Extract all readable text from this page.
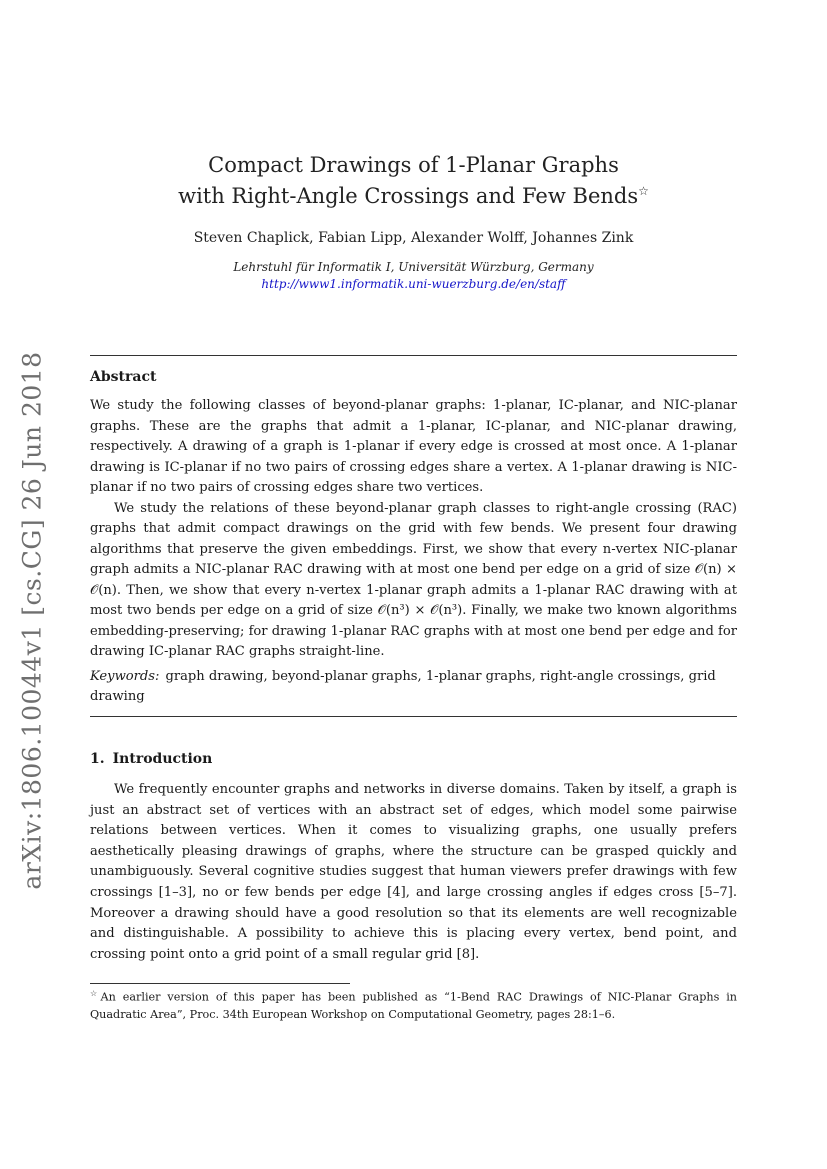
arXiv:1806.10044v1 [cs.CG] 26 Jun 2018
Compact Drawings of 1-Planar Graphs
with Right-Angle Crossings and Few Bends☆
Steven Chaplick, Fabian Lipp, Alexander Wolff, Johannes Zink
Lehrstuhl für Informatik I, Universität Würzburg, Germany
http://www1.informatik.uni-wuerzburg.de/en/staff
Abstract

We study the following classes of beyond-planar graphs: 1-planar, IC-planar, and NIC-planar graphs. These are the graphs that admit a 1-planar, IC-planar, and NIC-planar drawing, respectively. A drawing of a graph is 1-planar if every edge is crossed at most once. A 1-planar drawing is IC-planar if no two pairs of crossing edges share a vertex. A 1-planar drawing is NIC-planar if no two pairs of crossing edges share two vertices.

We study the relations of these beyond-planar graph classes to right-angle crossing (RAC) graphs that admit compact drawings on the grid with few bends. We present four drawing algorithms that preserve the given embeddings. First, we show that every n-vertex NIC-planar graph admits a NIC-planar RAC drawing with at most one bend per edge on a grid of size 𝒪(n) × 𝒪(n). Then, we show that every n-vertex 1-planar graph admits a 1-planar RAC drawing with at most two bends per edge on a grid of size 𝒪(n³) × 𝒪(n³). Finally, we make two known algorithms embedding-preserving; for drawing 1-planar RAC graphs with at most one bend per edge and for drawing IC-planar RAC graphs straight-line.

Keywords: graph drawing, beyond-planar graphs, 1-planar graphs, right-angle crossings, grid drawing
1. Introduction

We frequently encounter graphs and networks in diverse domains. Taken by itself, a graph is just an abstract set of vertices with an abstract set of edges, which model some pairwise relations between vertices. When it comes to visualizing graphs, one usually prefers aesthetically pleasing drawings of graphs, where the structure can be grasped quickly and unambiguously. Several cognitive studies suggest that human viewers prefer drawings with few crossings [1–3], no or few bends per edge [4], and large crossing angles if edges cross [5–7]. Moreover a drawing should have a good resolution so that its elements are well recognizable and distinguishable. A possibility to achieve this is placing every vertex, bend point, and crossing point onto a grid point of a small regular grid [8].

☆An earlier version of this paper has been published as “1-Bend RAC Drawings of NIC-Planar Graphs in Quadratic Area”, Proc. 34th European Workshop on Computational Geometry, pages 28:1–6.
